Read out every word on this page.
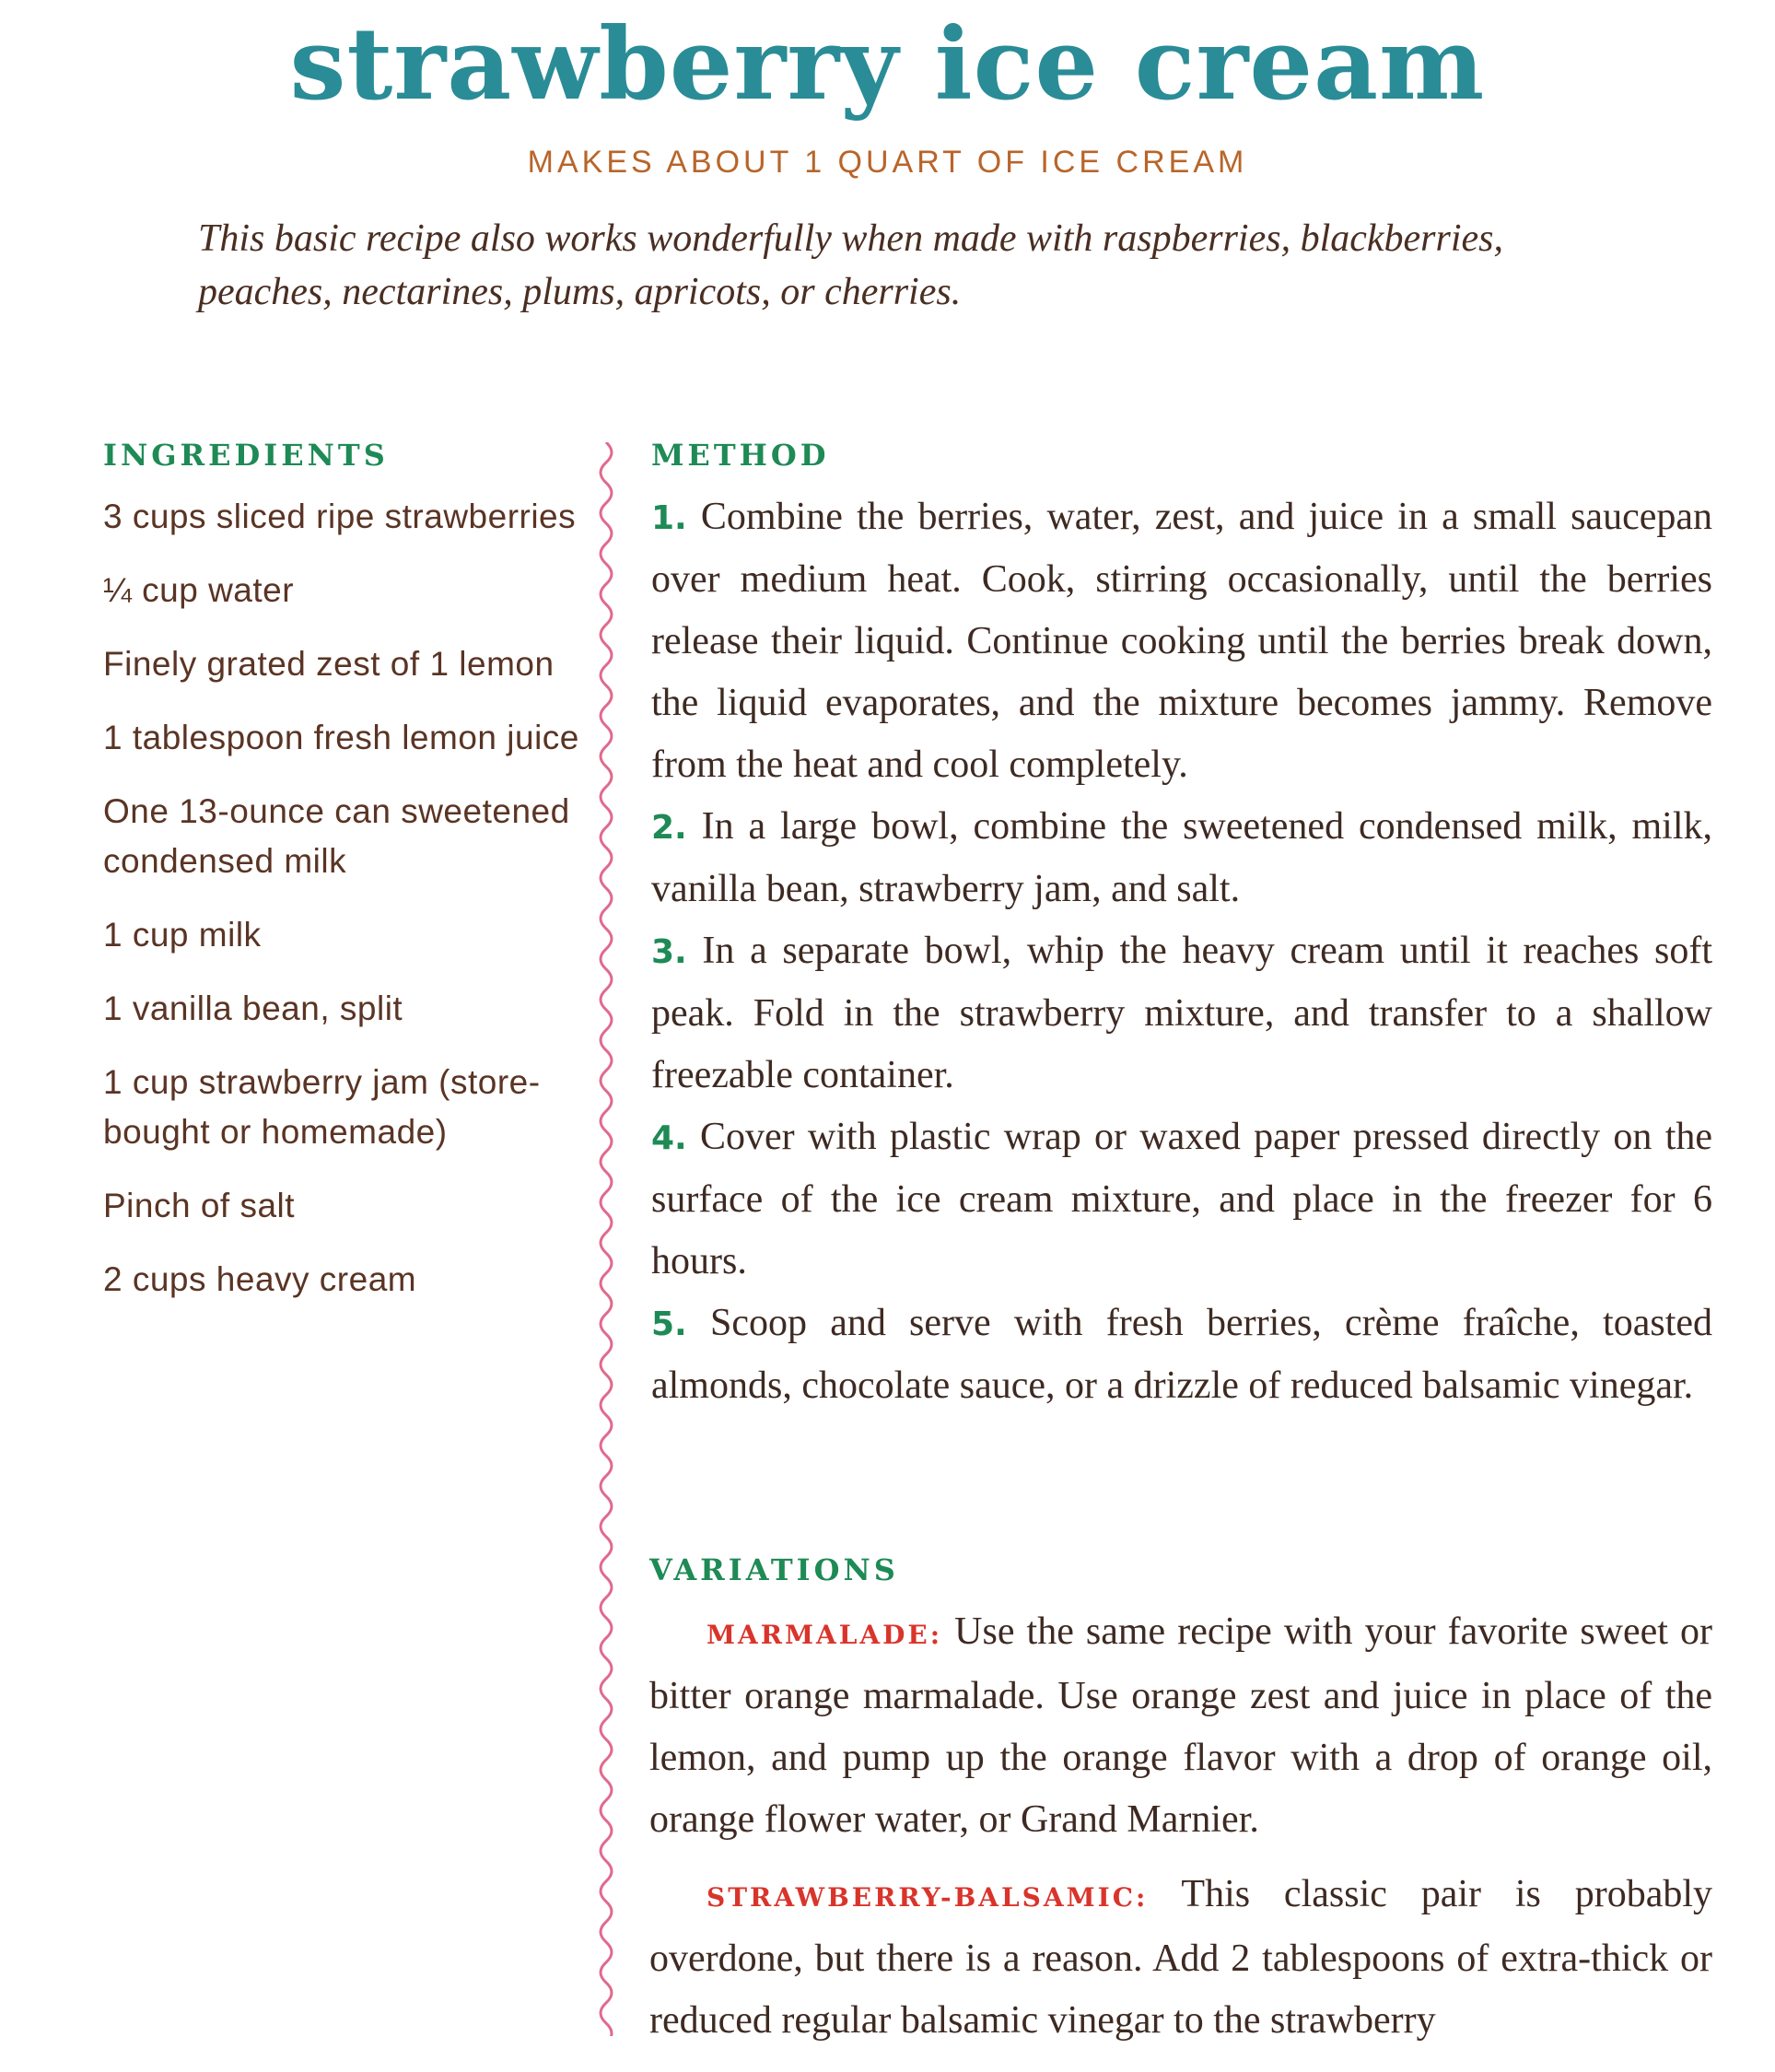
strawberry ice cream
MAKES ABOUT 1 QUART OF ICE CREAM
This basic recipe also works wonderfully when made with raspberries, blackberries, peaches, nectarines, plums, apricots, or cherries.
INGREDIENTS
3 cups sliced ripe strawberries
¼ cup water
Finely grated zest of 1 lemon
1 tablespoon fresh lemon juice
One 13-ounce can sweetened condensed milk
1 cup milk
1 vanilla bean, split
1 cup strawberry jam (store-bought or homemade)
Pinch of salt
2 cups heavy cream
METHOD
1. Combine the berries, water, zest, and juice in a small saucepan over medium heat. Cook, stirring occasionally, until the berries release their liquid. Continue cooking until the berries break down, the liquid evaporates, and the mixture becomes jammy. Remove from the heat and cool completely.
2. In a large bowl, combine the sweetened condensed milk, milk, vanilla bean, strawberry jam, and salt.
3. In a separate bowl, whip the heavy cream until it reaches soft peak. Fold in the strawberry mixture, and transfer to a shallow freezable container.
4. Cover with plastic wrap or waxed paper pressed directly on the surface of the ice cream mixture, and place in the freezer for 6 hours.
5. Scoop and serve with fresh berries, crème fraîche, toasted almonds, chocolate sauce, or a drizzle of reduced balsamic vinegar.
VARIATIONS

MARMALADE: Use the same recipe with your favorite sweet or bitter orange marmalade. Use orange zest and juice in place of the lemon, and pump up the orange flavor with a drop of orange oil, orange flower water, or Grand Marnier.

STRAWBERRY-BALSAMIC: This classic pair is probably overdone, but there is a reason. Add 2 tablespoons of extra-thick or reduced regular balsamic vinegar to the strawberry
